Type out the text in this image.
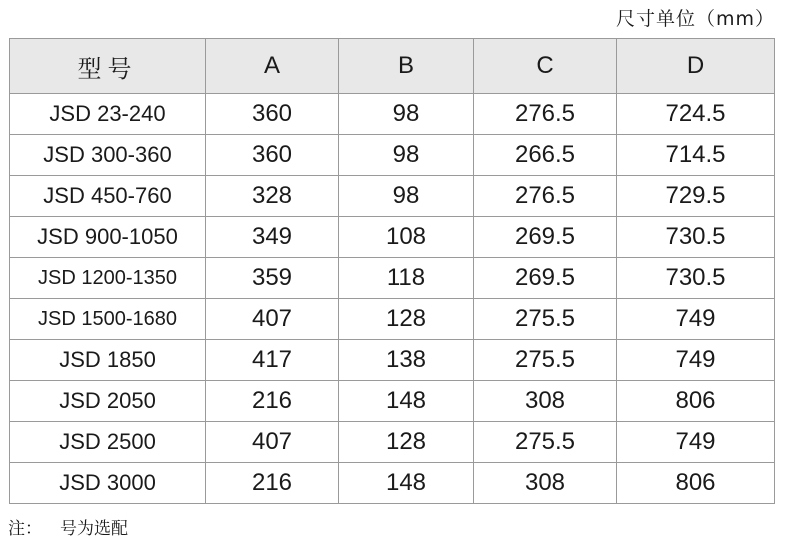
尺寸单位（mm）
型号	A	B	C	D
JSD 23-240	360	98	276.5	724.5
JSD 300-360	360	98	266.5	714.5
JSD 450-760	328	98	276.5	729.5
JSD 900-1050	349	108	269.5	730.5
JSD 1200-1350	359	118	269.5	730.5
JSD 1500-1680	407	128	275.5	749
JSD 1850	417	138	275.5	749
JSD 2050	216	148	308	806
JSD 2500	407	128	275.5	749
JSD 3000	216	148	308	806
注： 号为选配
